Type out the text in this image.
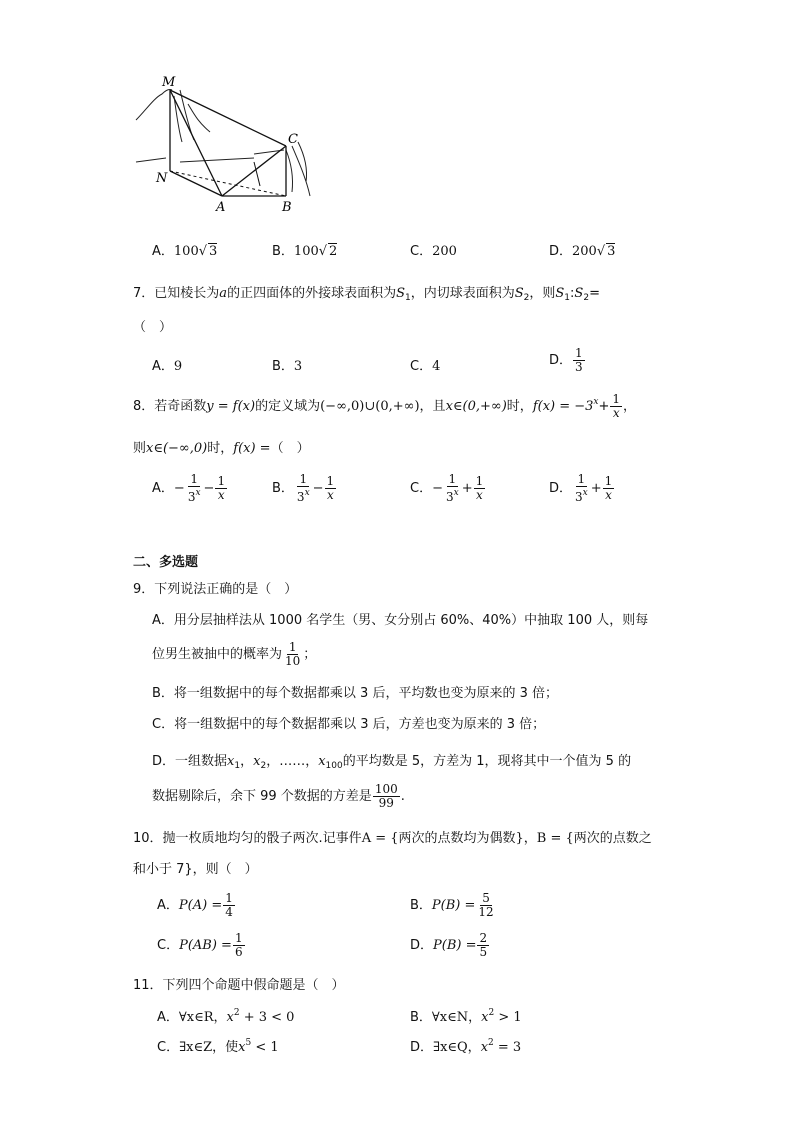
M
C
N
A	B
A．100√ 3	B．100√ 2	C．200	D．200√ 3
7．已知棱长为a的正四面体的外接球表面积为$S_1$，内切球表面积为$S_2$，则$S_1:S_2=$
（　）
A．9	B．3	C．4	D． $\frac{1}{3}$
8．若奇函数y = f(x)的定义域为(−∞,0)∪(0,+∞)，且x∈(0,+∞)时，$f(x) = -3^x+ \frac{1}{x}$ ，
则x∈(−∞,0)时，f(x) =（　）
A．− $\frac{1}{3^x} - \frac{1}{x}$	B． $\frac{1}{3^x} - \frac{1}{x}$	C．− $\frac{1}{3^x} + \frac{1}{x}$	D． $\frac{1}{3^x} + \frac{1}{x}$
二、多选题
9．下列说法正确的是（　）
A．用分层抽样法从 1000 名学生（男、女分别占 60%、40%）中抽取 100 人，则每
位男生被抽中的概率为 $\frac{1}{10}$ ；
B．将一组数据中的每个数据都乘以 3 后，平均数也变为原来的 3 倍；
C．将一组数据中的每个数据都乘以 3 后，方差也变为原来的 3 倍；
D．一组数据$x_1$，$x_2$，……，$x_{100}$的平均数是 5，方差为 1，现将其中一个值为 5 的
数据剔除后，余下 99 个数据的方差是 $\frac{100}{99}$ .
10．抛一枚质地均匀的骰子两次.记事件A = {两次的点数均为偶数}，B = {两次的点数之
和小于 7}，则（　）
A．$P(A) = \frac{1}{4}$	B．$P(B) = \frac{5}{12}$
C．$P(AB) = \frac{1}{6}$	D．$P(B) = \frac{2}{5}$
11．下列四个命题中假命题是（　）
A．∀x∈R，$x^2 + 3 < 0$	B．∀x∈N，$x^2 > 1$
C．∃x∈Z，使$x^5 < 1$	D．∃x∈Q，$x^2 = 3$
